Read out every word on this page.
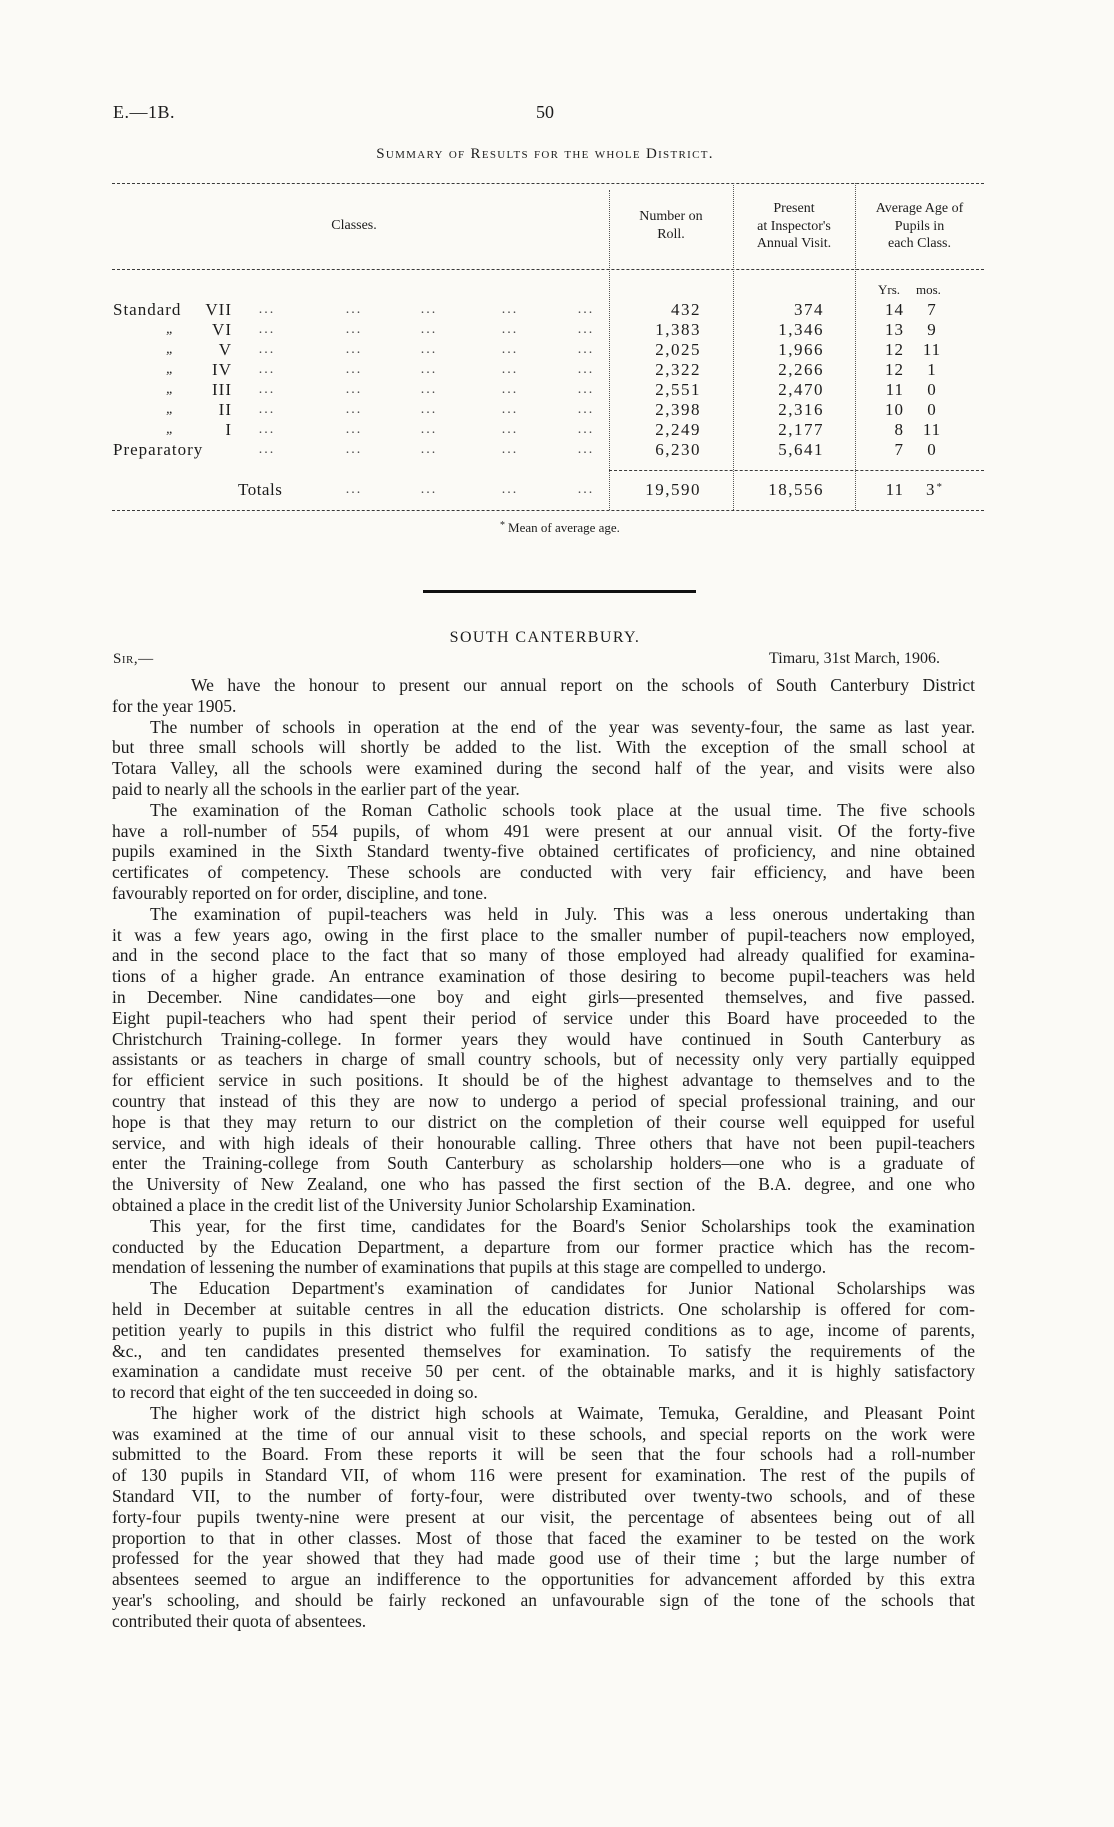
E.—1B.	50
Summary of Results for the whole District.
Classes.
Number on
Roll.
Present
at Inspector's
Annual Visit.
Average Age of
Pupils in
each Class.
Yrs. mos.
Standard	VII	...	...	...	...	...	432	374	14	7
„	VI	...	...	...	...	...	1,383	1,346	13	9
„	V	...	...	...	...	...	2,025	1,966	12	11
„	IV	...	...	...	...	...	2,322	2,266	12	1
„	III	...	...	...	...	...	2,551	2,470	11	0
„	II	...	...	...	...	...	2,398	2,316	10	0
„	I	...	...	...	...	...	2,249	2,177	8	11
Preparatory	...	...	...	...	...	6,230	5,641	7	0
Totals	...	...	...	...	19,590	18,556	11 3*
* Mean of average age.
SOUTH CANTERBURY.
Sir,—	Timaru, 31st March, 1906.
We have the honour to present our annual report on the schools of South Canterbury District
for the year 1905.
The number of schools in operation at the end of the year was seventy-four, the same as last year.
but three small schools will shortly be added to the list. With the exception of the small school at
Totara Valley, all the schools were examined during the second half of the year, and visits were also
paid to nearly all the schools in the earlier part of the year.
The examination of the Roman Catholic schools took place at the usual time. The five schools
have a roll-number of 554 pupils, of whom 491 were present at our annual visit. Of the forty-five
pupils examined in the Sixth Standard twenty-five obtained certificates of proficiency, and nine obtained
certificates of competency. These schools are conducted with very fair efficiency, and have been
favourably reported on for order, discipline, and tone.
The examination of pupil-teachers was held in July. This was a less onerous undertaking than
it was a few years ago, owing in the first place to the smaller number of pupil-teachers now employed,
and in the second place to the fact that so many of those employed had already qualified for examina-
tions of a higher grade. An entrance examination of those desiring to become pupil-teachers was held
in December. Nine candidates—one boy and eight girls—presented themselves, and five passed.
Eight pupil-teachers who had spent their period of service under this Board have proceeded to the
Christchurch Training-college. In former years they would have continued in South Canterbury as
assistants or as teachers in charge of small country schools, but of necessity only very partially equipped
for efficient service in such positions. It should be of the highest advantage to themselves and to the
country that instead of this they are now to undergo a period of special professional training, and our
hope is that they may return to our district on the completion of their course well equipped for useful
service, and with high ideals of their honourable calling. Three others that have not been pupil-teachers
enter the Training-college from South Canterbury as scholarship holders—one who is a graduate of
the University of New Zealand, one who has passed the first section of the B.A. degree, and one who
obtained a place in the credit list of the University Junior Scholarship Examination.
This year, for the first time, candidates for the Board's Senior Scholarships took the examination
conducted by the Education Department, a departure from our former practice which has the recom-
mendation of lessening the number of examinations that pupils at this stage are compelled to undergo.
The Education Department's examination of candidates for Junior National Scholarships was
held in December at suitable centres in all the education districts. One scholarship is offered for com-
petition yearly to pupils in this district who fulfil the required conditions as to age, income of parents,
&c., and ten candidates presented themselves for examination. To satisfy the requirements of the
examination a candidate must receive 50 per cent. of the obtainable marks, and it is highly satisfactory
to record that eight of the ten succeeded in doing so.
The higher work of the district high schools at Waimate, Temuka, Geraldine, and Pleasant Point
was examined at the time of our annual visit to these schools, and special reports on the work were
submitted to the Board. From these reports it will be seen that the four schools had a roll-number
of 130 pupils in Standard VII, of whom 116 were present for examination. The rest of the pupils of
Standard VII, to the number of forty-four, were distributed over twenty-two schools, and of these
forty-four pupils twenty-nine were present at our visit, the percentage of absentees being out of all
proportion to that in other classes. Most of those that faced the examiner to be tested on the work
professed for the year showed that they had made good use of their time ; but the large number of
absentees seemed to argue an indifference to the opportunities for advancement afforded by this extra
year's schooling, and should be fairly reckoned an unfavourable sign of the tone of the schools that
contributed their quota of absentees.
